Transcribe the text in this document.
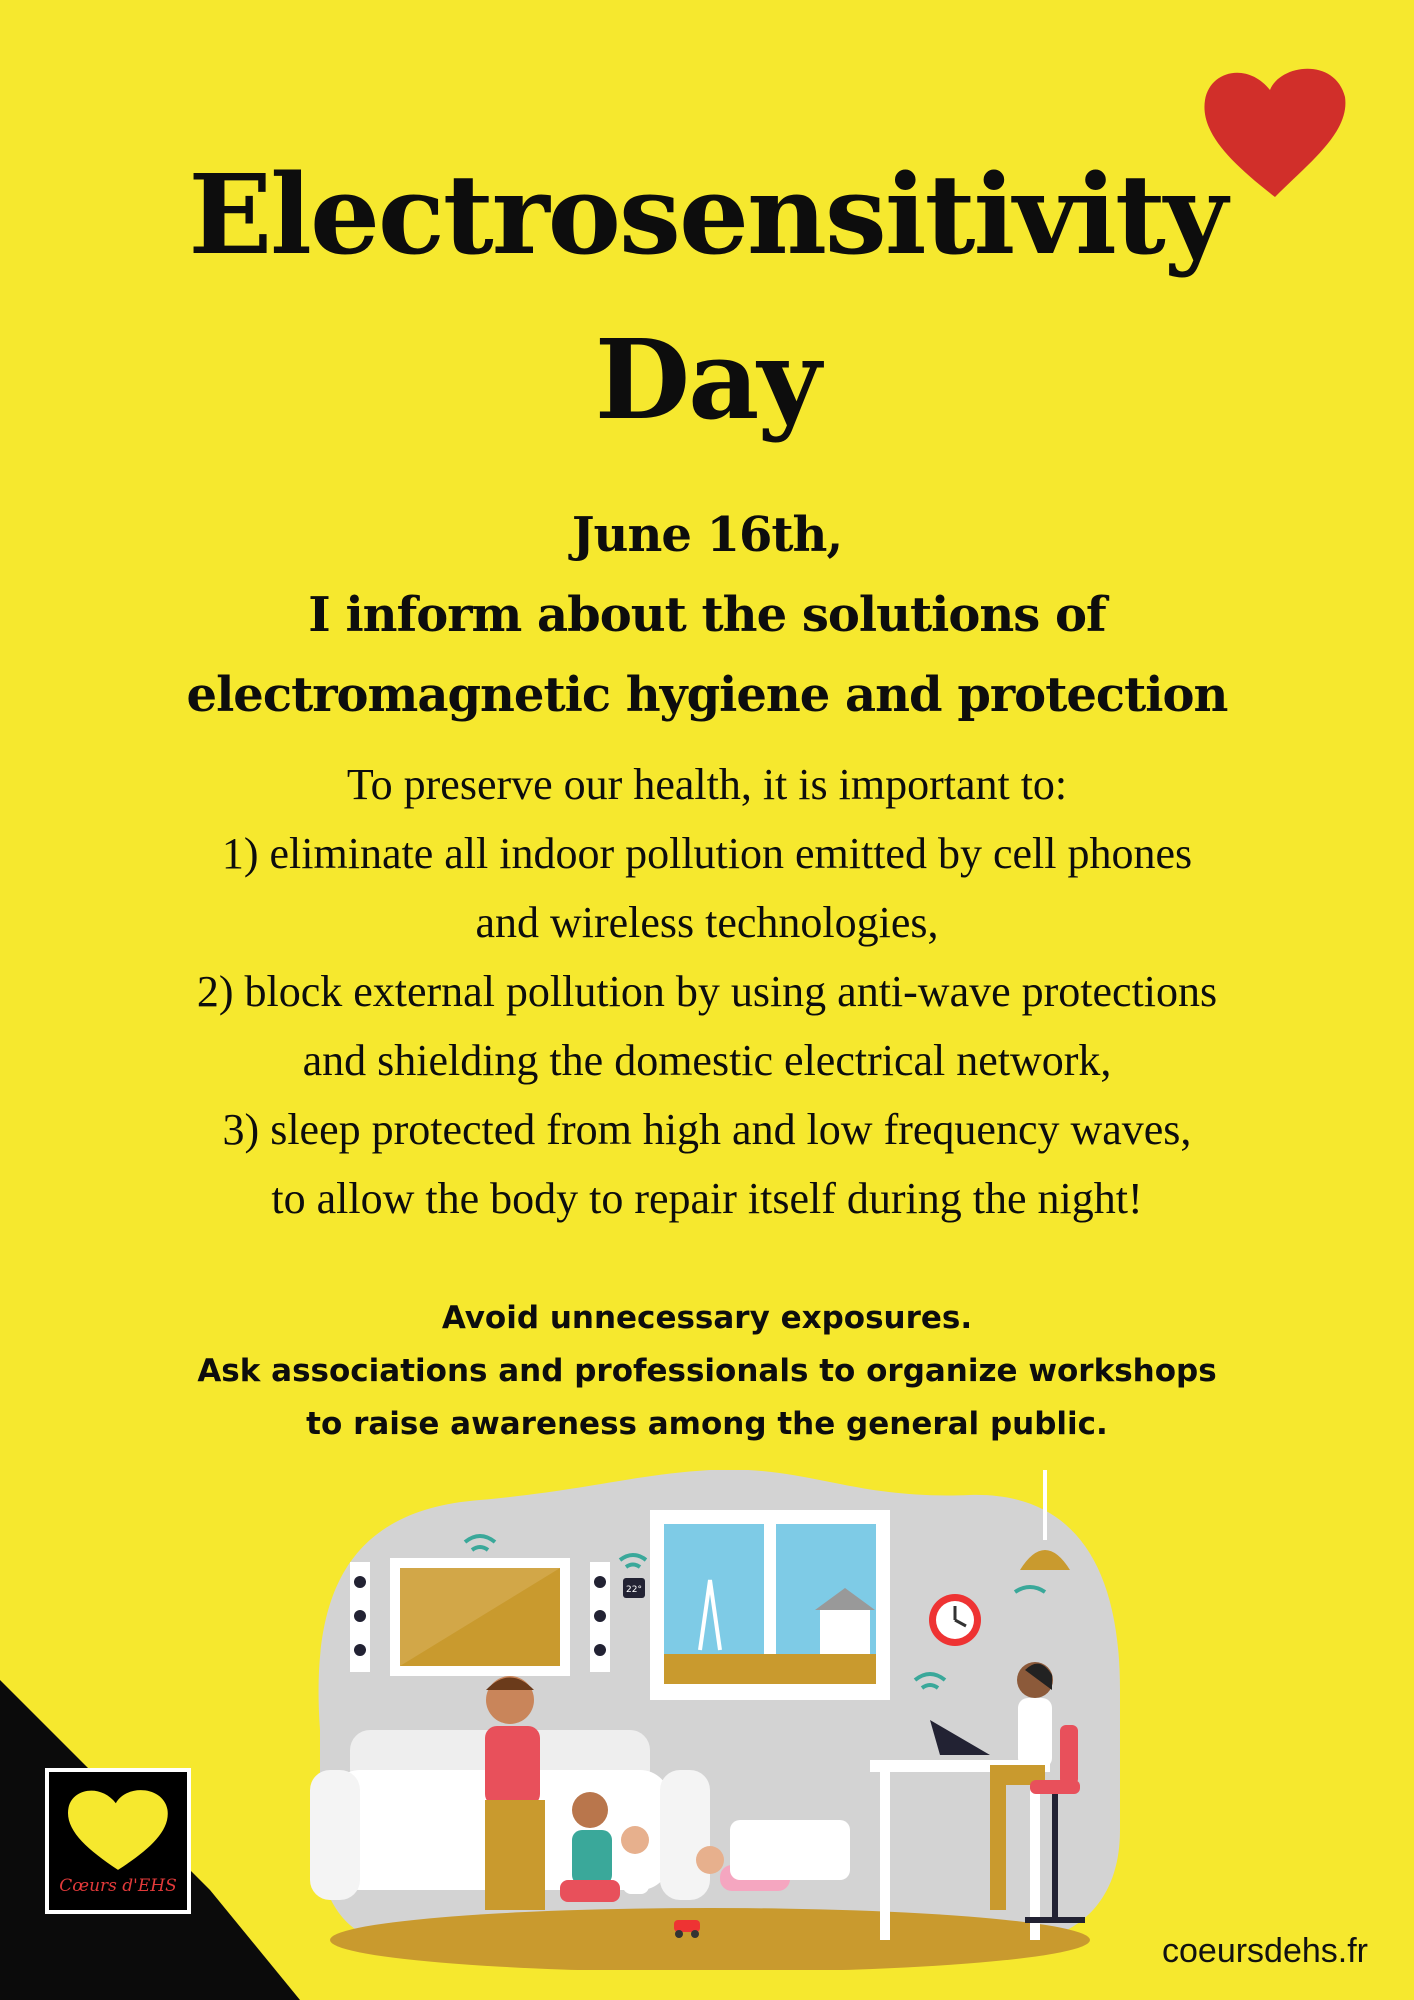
Electrosensitivity
Day
June 16th,
I inform about the solutions of
electromagnetic hygiene and protection
To preserve our health, it is important to:
1) eliminate all indoor pollution emitted by cell phones
and wireless technologies,
2) block external pollution by using anti-wave protections
and shielding the domestic electrical network,
3) sleep protected from high and low frequency waves,
to allow the body to repair itself during the night!
Avoid unnecessary exposures.
Ask associations and professionals to organize workshops
to raise awareness among the general public.
22°
Cœurs d'EHS
coeursdehs.fr
